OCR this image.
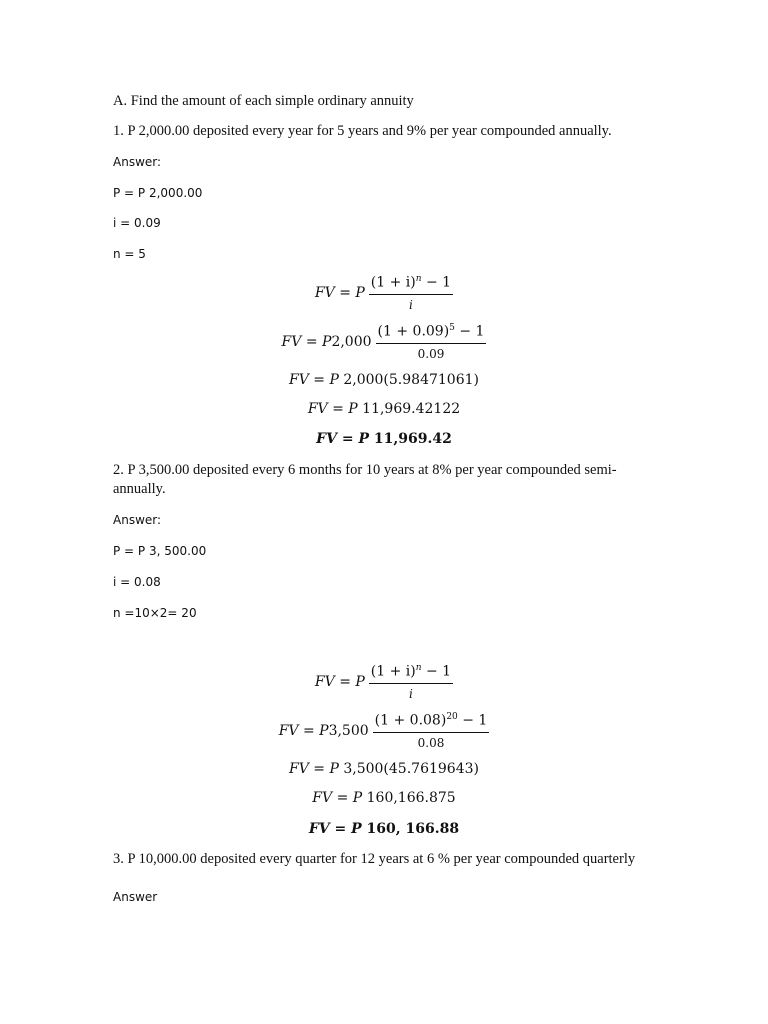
A. Find the amount of each simple ordinary annuity
1. P 2,000.00 deposited every year for 5 years and 9% per year compounded annually.
Answer:
P = P 2,000.00
i = 0.09
n = 5
FV
=
P $\frac{(1 + i)^n - 1}{i}$
FV
=
P $2,000 \frac{(1 + 0.09)^5 - 1}{0.09}$
FV = P 2,000(5.98471061)
FV = P 11,969.42122
FV = P 11,969.42
2. P 3,500.00 deposited every 6 months for 10 years at 8% per year compounded semi-
annually.
Answer:
P = P 3, 500.00
i = 0.08
n =10×2= 20
FV
=
P $\frac{(1 + i)^n - 1}{i}$
FV
=
P $3,500 \frac{(1 + 0.08)^{20} - 1}{0.08}$
FV = P 3,500(45.7619643)
FV = P 160,166.875
FV = P 160, 166.88
3. P 10,000.00 deposited every quarter for 12 years at 6 % per year compounded quarterly
Answer
